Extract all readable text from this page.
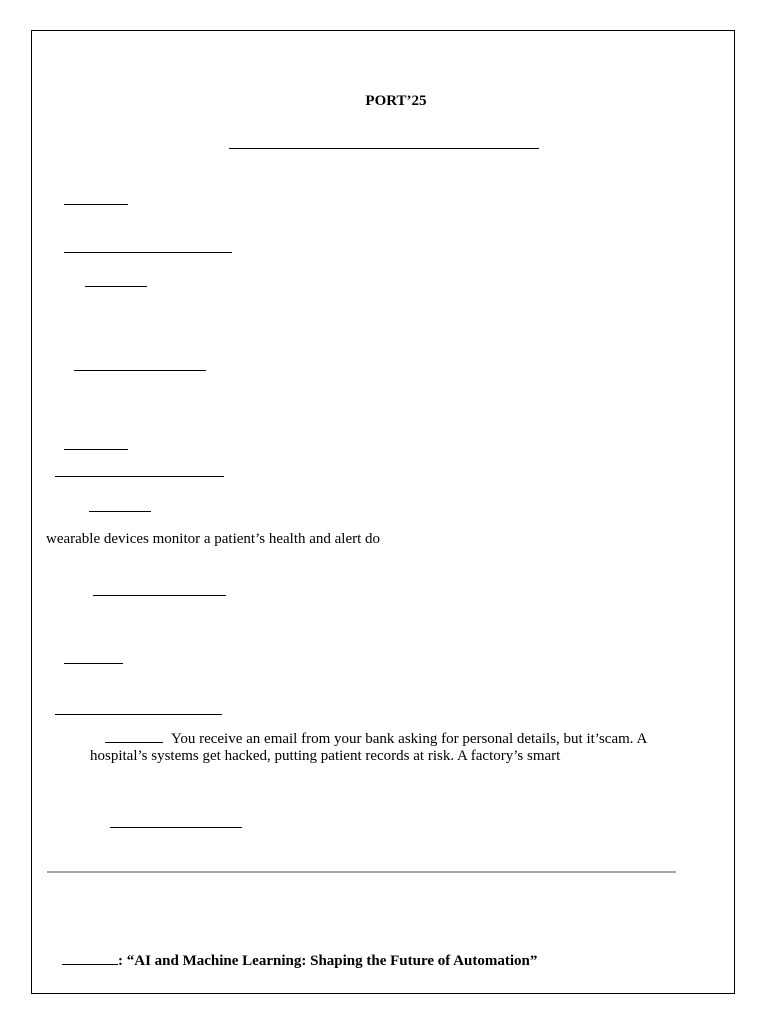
PORT’25
wearable devices monitor a patient’s health and alert do
You receive an email from your bank asking for personal details, but it’scam. A
hospital’s systems get hacked, putting patient records at risk. A factory’s smart
: “AI and Machine Learning: Shaping the Future of Automation”
